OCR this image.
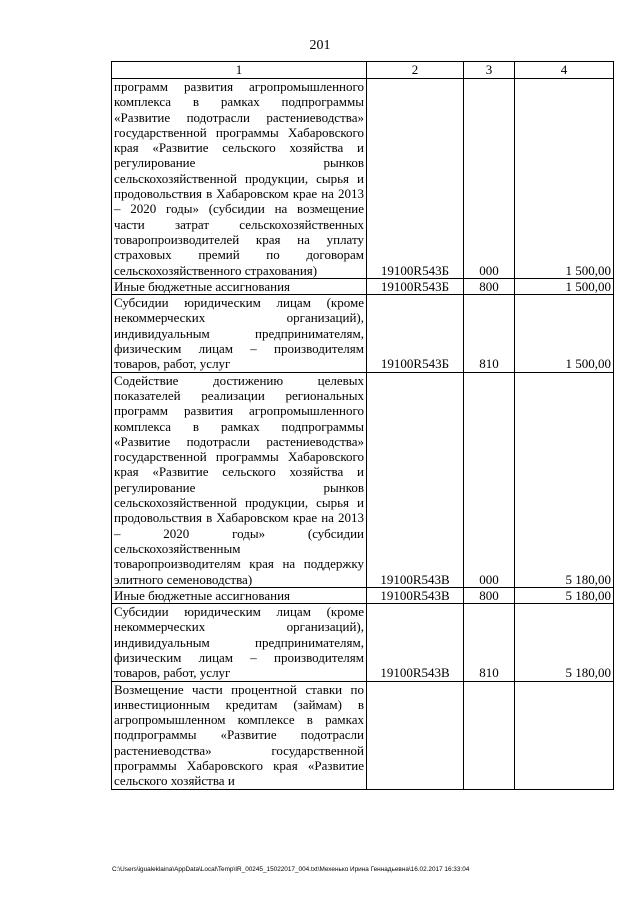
201
1	2	3	4

программ развития агропромышленного комплекса в рамках подпрограммы «Развитие подотрасли растениеводства» государственной программы Хабаровского края «Развитие сельского хозяйства и регулирование рынков сельскохозяйственной продукции, сырья и продовольствия в Хабаровском крае на 2013 – 2020 годы» (субсидии на возмещение части затрат сельскохозяйственных товаропроизводителей края на уплату страховых премий по договорам сельскохозяйственного страхования)	19100R543Б	000	1 500,00

Иные бюджетные ассигнования	19100R543Б	800	1 500,00

Субсидии юридическим лицам (кроме некоммерческих организаций), индивидуальным предпринимателям, физическим лицам – производителям товаров, работ, услуг	19100R543Б	810	1 500,00

Содействие достижению целевых показателей реализации региональных программ развития агропромышленного комплекса в рамках подпрограммы «Развитие подотрасли растениеводства» государственной программы Хабаровского края «Развитие сельского хозяйства и регулирование рынков сельскохозяйственной продукции, сырья и продовольствия в Хабаровском крае на 2013 – 2020 годы» (субсидии сельскохозяйственным товаропроизводителям края на поддержку элитного семеноводства)	19100R543В	000	5 180,00

Иные бюджетные ассигнования	19100R543В	800	5 180,00

Субсидии юридическим лицам (кроме некоммерческих организаций), индивидуальным предпринимателям, физическим лицам – производителям товаров, работ, услуг	19100R543В	810	5 180,00

Возмещение части процентной ставки по инвестиционным кредитам (займам) в агропромышленном комплексе в рамках подпрограммы «Развитие подотрасли растениеводства» государственной программы Хабаровского края «Развитие сельского хозяйства и			

C:\Users\igualeklaina\AppData\Local\Temp\IR_00245_15022017_004.txt\Мехенько Ирина Геннадьевна\16.02.2017 16:33:04
